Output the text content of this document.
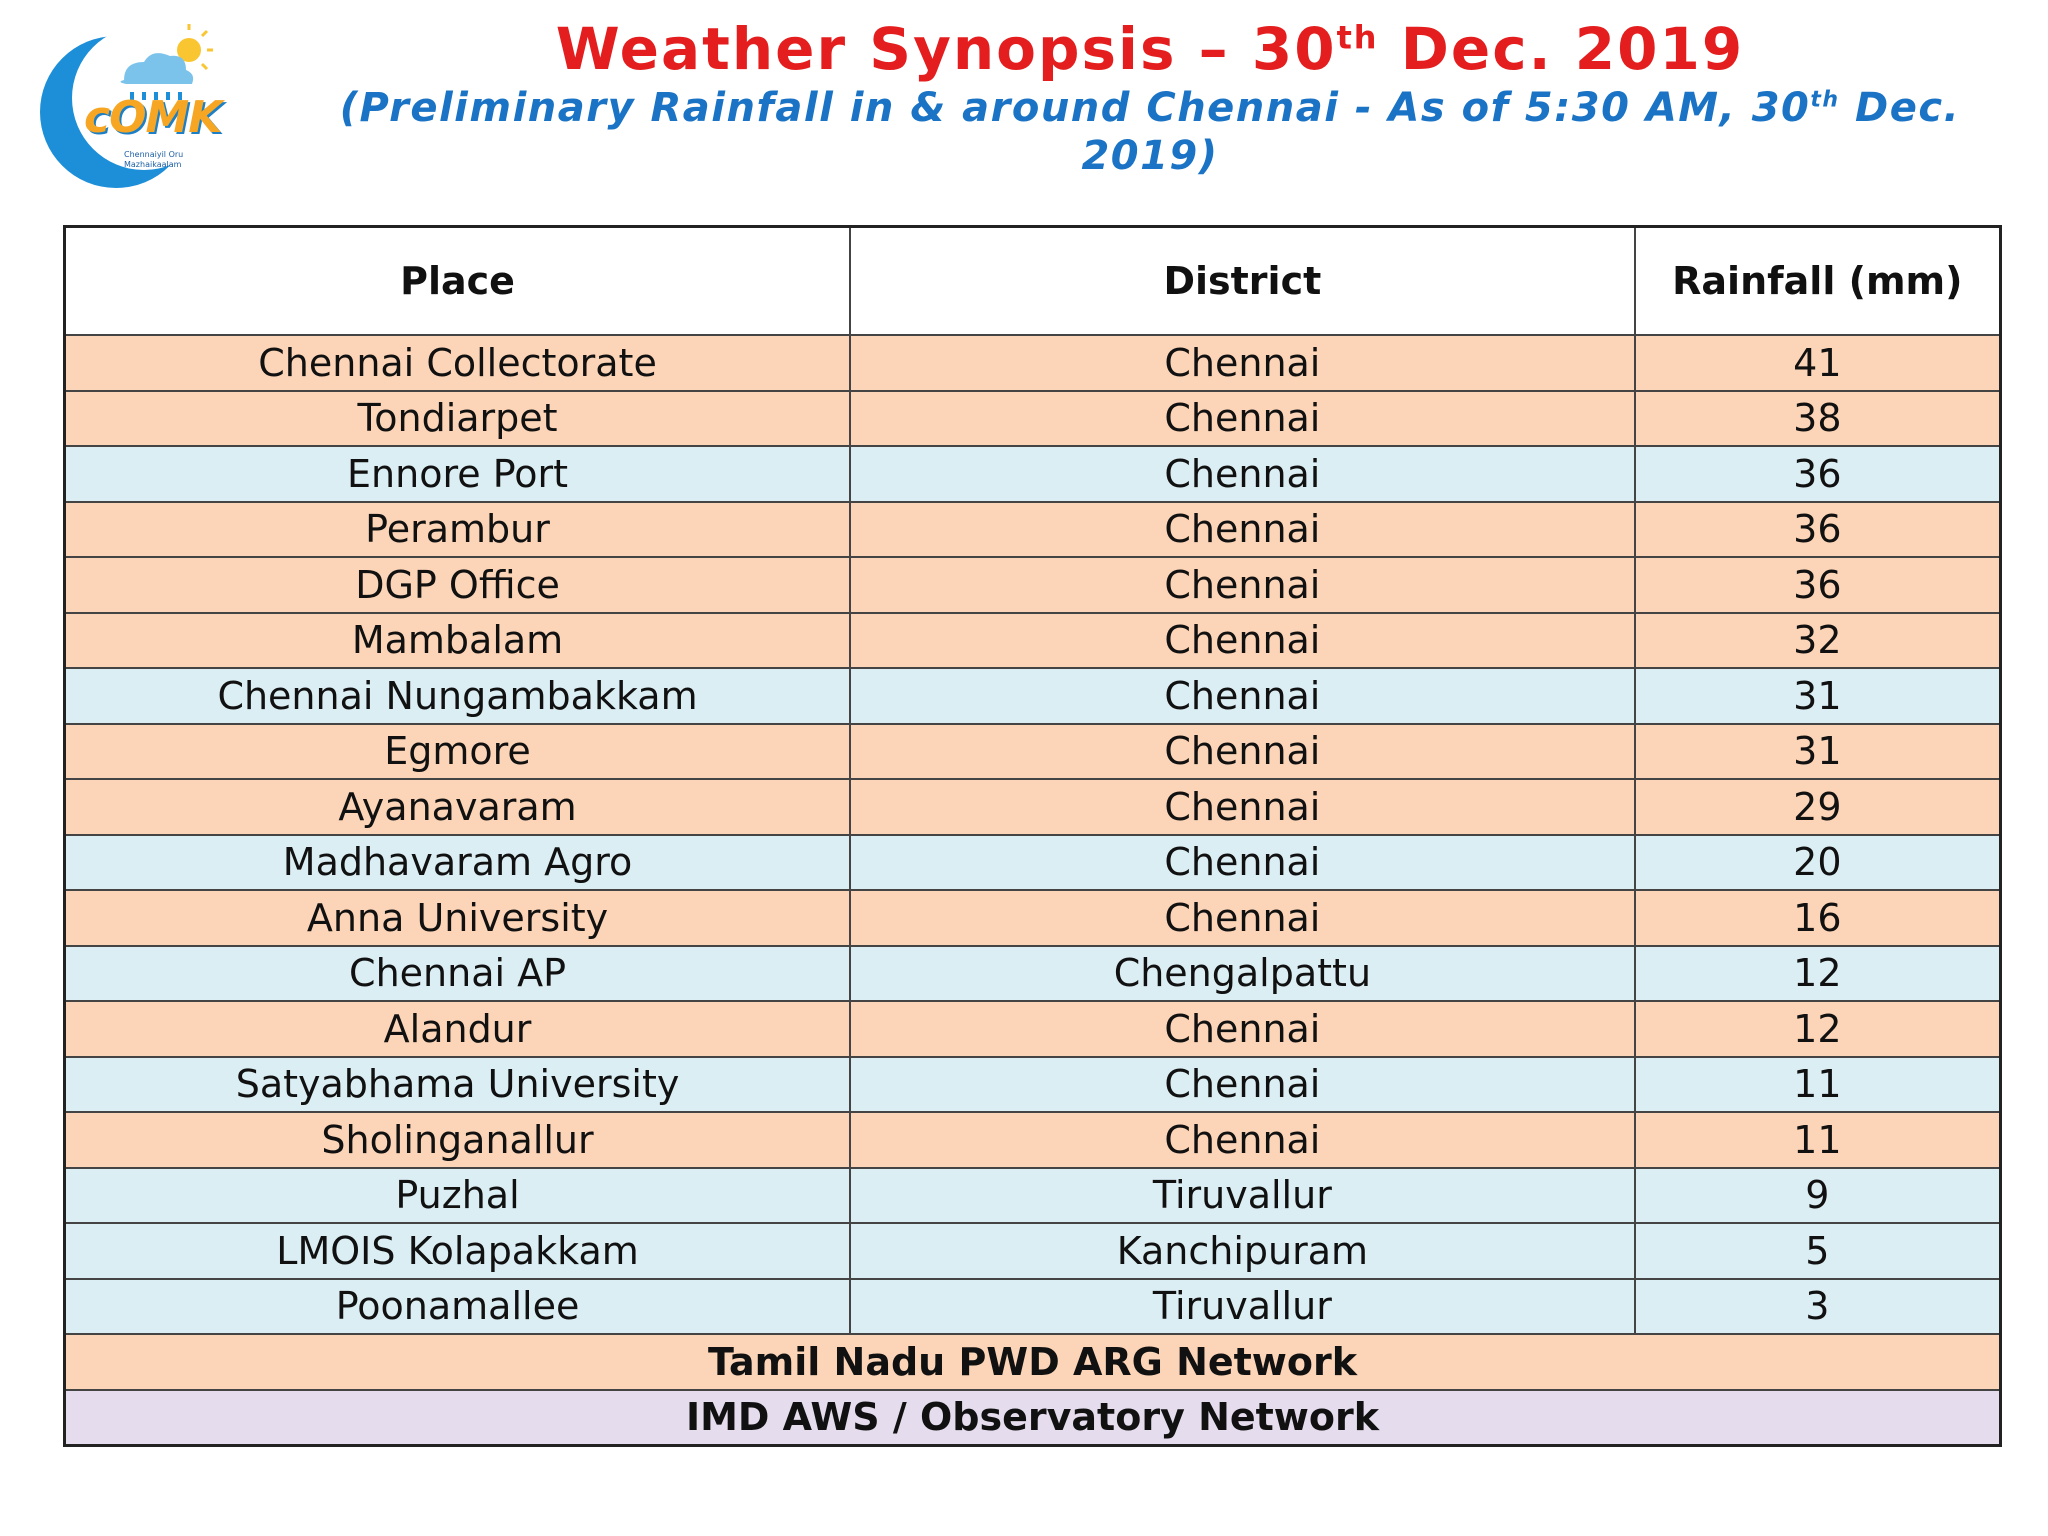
cOMK
Chennaiyil Oru Mazhaikaalam
Weather Synopsis – 30th Dec. 2019
(Preliminary Rainfall in & around Chennai - As of 5:30 AM, 30th Dec. 2019)
Place	District	Rainfall (mm)
Chennai Collectorate	Chennai	41
Tondiarpet	Chennai	38
Ennore Port	Chennai	36
Perambur	Chennai	36
DGP Office	Chennai	36
Mambalam	Chennai	32
Chennai Nungambakkam	Chennai	31
Egmore	Chennai	31
Ayanavaram	Chennai	29
Madhavaram Agro	Chennai	20
Anna University	Chennai	16
Chennai AP	Chengalpattu	12
Alandur	Chennai	12
Satyabhama University	Chennai	11
Sholinganallur	Chennai	11
Puzhal	Tiruvallur	9
LMOIS Kolapakkam	Kanchipuram	5
Poonamallee	Tiruvallur	3
Tamil Nadu PWD ARG Network		
IMD AWS / Observatory Network		
